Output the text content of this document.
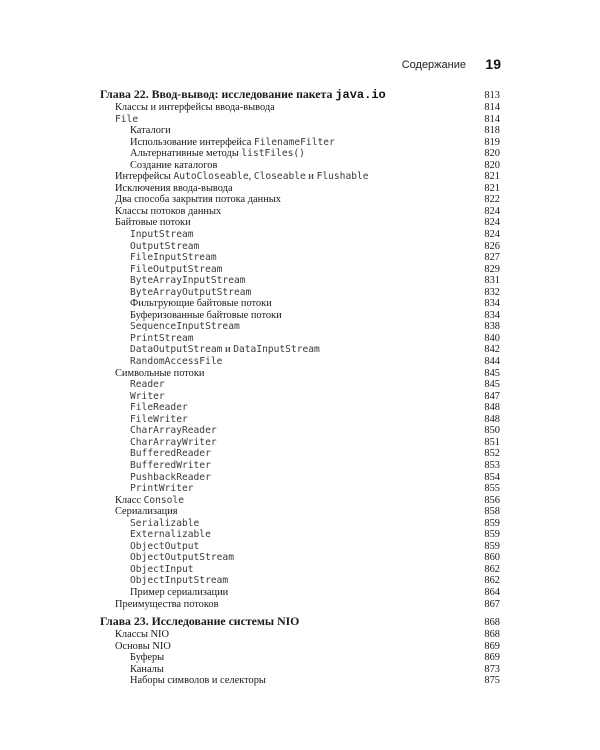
Содержание 19
Глава 22. Ввод-вывод: исследование пакета java.io	813
Классы и интерфейсы ввода-вывода	814
File	814
Каталоги	818
Использование интерфейса FilenameFilter	819
Альтернативные методы listFiles()	820
Создание каталогов	820
Интерфейсы AutoCloseable, Closeable и Flushable	821
Исключения ввода-вывода	821
Два способа закрытия потока данных	822
Классы потоков данных	824
Байтовые потоки	824
InputStream	824
OutputStream	826
FileInputStream	827
FileOutputStream	829
ByteArrayInputStream	831
ByteArrayOutputStream	832
Фильтрующие байтовые потоки	834
Буферизованные байтовые потоки	834
SequenceInputStream	838
PrintStream	840
DataOutputStream и DataInputStream	842
RandomAccessFile	844
Символьные потоки	845
Reader	845
Writer	847
FileReader	848
FileWriter	848
CharArrayReader	850
CharArrayWriter	851
BufferedReader	852
BufferedWriter	853
PushbackReader	854
PrintWriter	855
Класс Console	856
Сериализация	858
Serializable	859
Externalizable	859
ObjectOutput	859
ObjectOutputStream	860
ObjectInput	862
ObjectInputStream	862
Пример сериализации	864
Преимущества потоков	867
Глава 23. Исследование системы NIO	868
Классы NIO	868
Основы NIO	869
Буферы	869
Каналы	873
Наборы символов и селекторы	875
